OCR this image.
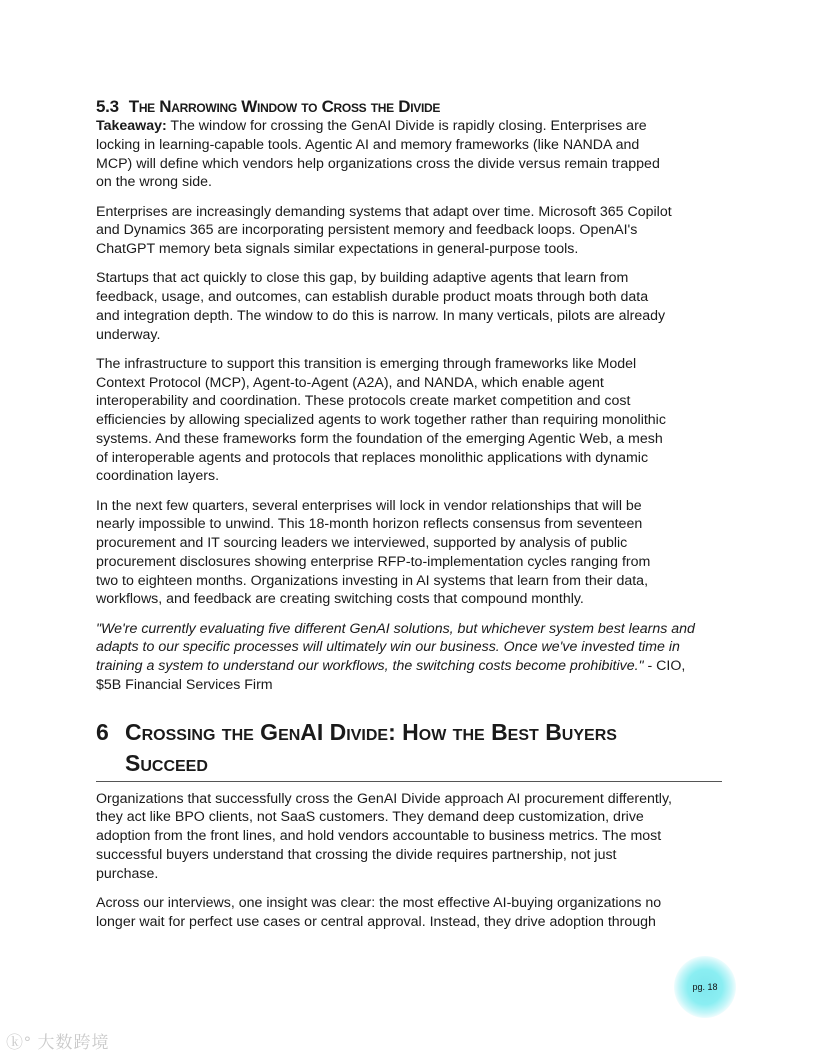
5.3 The Narrowing Window to Cross the Divide

Takeaway: The window for crossing the GenAI Divide is rapidly closing. Enterprises are
locking in learning-capable tools. Agentic AI and memory frameworks (like NANDA and
MCP) will define which vendors help organizations cross the divide versus remain trapped
on the wrong side.

Enterprises are increasingly demanding systems that adapt over time. Microsoft 365 Copilot
and Dynamics 365 are incorporating persistent memory and feedback loops. OpenAI's
ChatGPT memory beta signals similar expectations in general-purpose tools.

Startups that act quickly to close this gap, by building adaptive agents that learn from
feedback, usage, and outcomes, can establish durable product moats through both data
and integration depth. The window to do this is narrow. In many verticals, pilots are already
underway.

The infrastructure to support this transition is emerging through frameworks like Model
Context Protocol (MCP), Agent-to-Agent (A2A), and NANDA, which enable agent
interoperability and coordination. These protocols create market competition and cost
efficiencies by allowing specialized agents to work together rather than requiring monolithic
systems. And these frameworks form the foundation of the emerging Agentic Web, a mesh
of interoperable agents and protocols that replaces monolithic applications with dynamic
coordination layers.

In the next few quarters, several enterprises will lock in vendor relationships that will be
nearly impossible to unwind. This 18-month horizon reflects consensus from seventeen
procurement and IT sourcing leaders we interviewed, supported by analysis of public
procurement disclosures showing enterprise RFP-to-implementation cycles ranging from
two to eighteen months. Organizations investing in AI systems that learn from their data,
workflows, and feedback are creating switching costs that compound monthly.

"We're currently evaluating five different GenAI solutions, but whichever system best learns and
adapts to our specific processes will ultimately win our business. Once we've invested time in
training a system to understand our workflows, the switching costs become prohibitive." - CIO,
$5B Financial Services Firm

6 Crossing the GenAI Divide: How the Best Buyers
Succeed

Organizations that successfully cross the GenAI Divide approach AI procurement differently,
they act like BPO clients, not SaaS customers. They demand deep customization, drive
adoption from the front lines, and hold vendors accountable to business metrics. The most
successful buyers understand that crossing the divide requires partnership, not just
purchase.

Across our interviews, one insight was clear: the most effective AI-buying organizations no
longer wait for perfect use cases or central approval. Instead, they drive adoption through

pg. 18
ⓚ° 大数跨境
